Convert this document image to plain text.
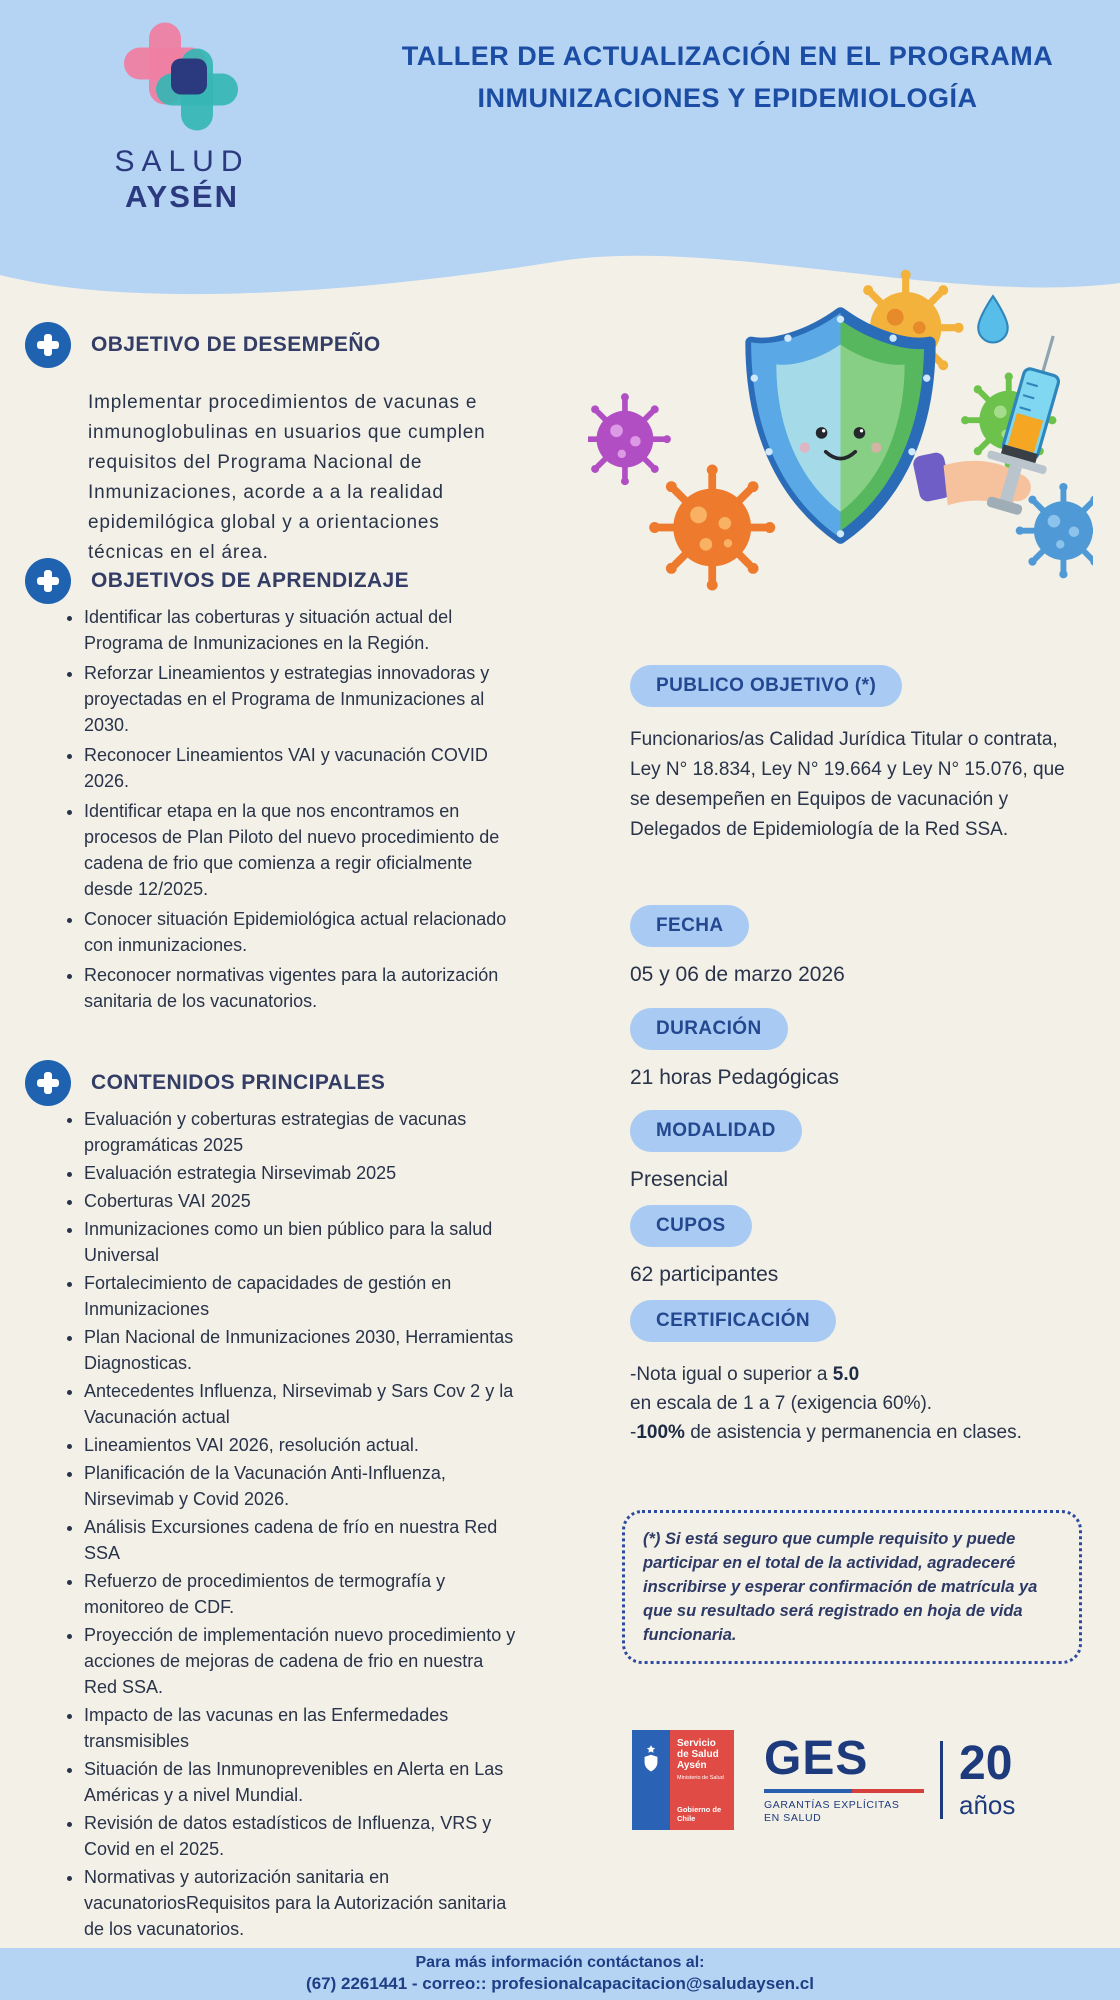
SALUD
AYSÉN
TALLER DE ACTUALIZACIÓN EN EL PROGRAMA INMUNIZACIONES Y EPIDEMIOLOGÍA
OBJETIVO DE DESEMPEÑO
Implementar procedimientos de vacunas e inmunoglobulinas en usuarios que cumplen requisitos del Programa Nacional de Inmunizaciones, acorde a a la realidad epidemilógica global y a orientaciones técnicas en el área.
OBJETIVOS DE APRENDIZAJE
• Identificar las coberturas y situación actual del Programa de Inmunizaciones en la Región.
• Reforzar Lineamientos y estrategias innovadoras y proyectadas en el Programa de Inmunizaciones al 2030.
• Reconocer Lineamientos VAI y vacunación COVID 2026.
• Identificar etapa en la que nos encontramos en procesos de Plan Piloto del nuevo procedimiento de cadena de frio que comienza a regir oficialmente desde 12/2025.
• Conocer situación Epidemiológica actual relacionado con inmunizaciones.
• Reconocer normativas vigentes para la autorización sanitaria de los vacunatorios.
CONTENIDOS PRINCIPALES
• Evaluación y coberturas estrategias de vacunas programáticas 2025
• Evaluación estrategia Nirsevimab 2025
• Coberturas VAI 2025
• Inmunizaciones como un bien público para la salud Universal
• Fortalecimiento de capacidades de gestión en Inmunizaciones
• Plan Nacional de Inmunizaciones 2030, Herramientas Diagnosticas.
• Antecedentes Influenza, Nirsevimab y Sars Cov 2 y la Vacunación actual
• Lineamientos VAI 2026, resolución actual.
• Planificación de la Vacunación Anti-Influenza, Nirsevimab y Covid 2026.
• Análisis Excursiones cadena de frío en nuestra Red SSA
• Refuerzo de procedimientos de termografía y monitoreo de CDF.
• Proyección de implementación nuevo procedimiento y acciones de mejoras de cadena de frio en nuestra Red SSA.
• Impacto de las vacunas en las Enfermedades transmisibles
• Situación de las Inmunoprevenibles en Alerta en Las Américas y a nivel Mundial.
• Revisión de datos estadísticos de Influenza, VRS y Covid en el 2025.
• Normativas y autorización sanitaria en vacunatoriosRequisitos para la Autorización sanitaria de los vacunatorios.
PUBLICO OBJETIVO (*)
Funcionarios/as Calidad Jurídica Titular o contrata, Ley N° 18.834, Ley N° 19.664 y Ley N° 15.076, que se desempeñen en Equipos de vacunación y Delegados de Epidemiología de la Red SSA.
FECHA
05 y 06 de marzo 2026
DURACIÓN
21 horas Pedagógicas
MODALIDAD
Presencial
CUPOS
62 participantes
CERTIFICACIÓN
-Nota igual o superior a 5.0
en escala de 1 a 7 (exigencia 60%).
-100% de asistencia y permanencia en clases.
(*) Si está seguro que cumple requisito y puede participar en el total de la actividad, agradeceré inscribirse y esperar confirmación de matrícula ya que su resultado será registrado en hoja de vida funcionaria.
Servicio
de Salud
Aysén
Ministerio de Salud
Gobierno de Chile
GES
GARANTÍAS EXPLÍCITAS
EN SALUD
20
años
Para más información contáctanos al:
(67) 2261441 - correo:: profesionalcapacitacion@saludaysen.cl
